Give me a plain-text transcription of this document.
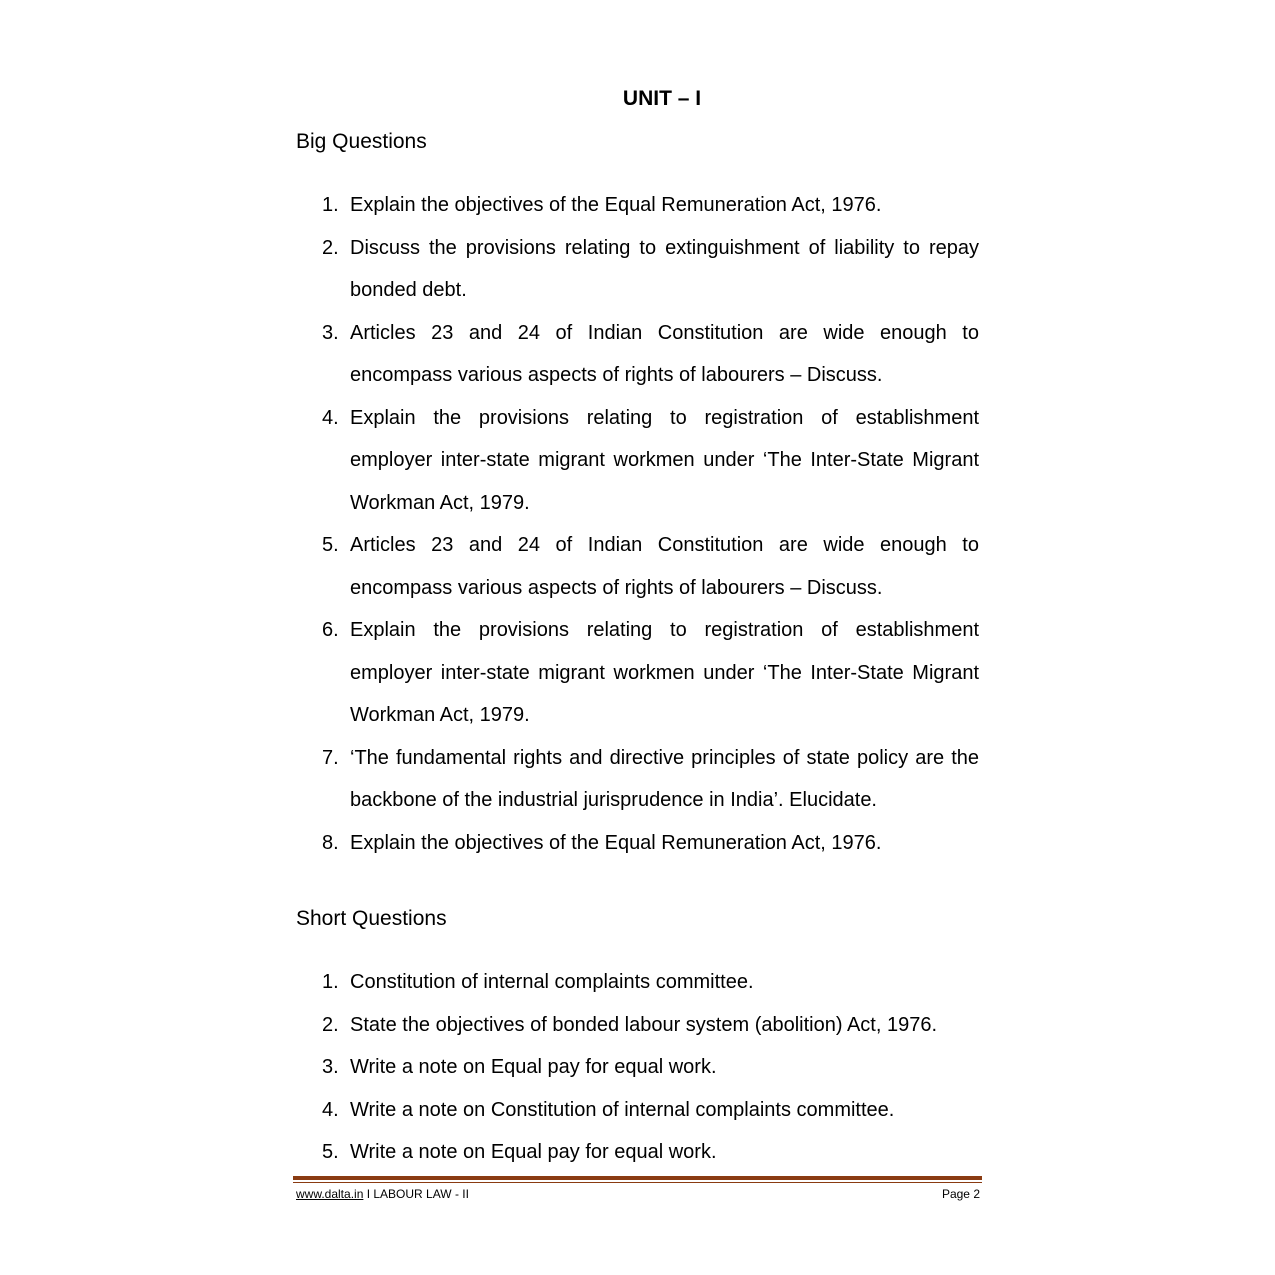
UNIT – I
Big Questions
1. Explain the objectives of the Equal Remuneration Act, 1976.
2. Discuss the provisions relating to extinguishment of liability to repay bonded debt.
3. Articles 23 and 24 of Indian Constitution are wide enough to encompass various aspects of rights of labourers – Discuss.
4. Explain the provisions relating to registration of establishment employer inter-state migrant workmen under ‘The Inter-State Migrant Workman Act, 1979.
5. Articles 23 and 24 of Indian Constitution are wide enough to encompass various aspects of rights of labourers – Discuss.
6. Explain the provisions relating to registration of establishment employer inter-state migrant workmen under ‘The Inter-State Migrant Workman Act, 1979.
7. ‘The fundamental rights and directive principles of state policy are the backbone of the industrial jurisprudence in India’. Elucidate.
8. Explain the objectives of the Equal Remuneration Act, 1976.
Short Questions
1. Constitution of internal complaints committee.
2. State the objectives of bonded labour system (abolition) Act, 1976.
3. Write a note on Equal pay for equal work.
4. Write a note on Constitution of internal complaints committee.
5. Write a note on Equal pay for equal work.
www.dalta.in I LABOUR LAW - II	Page 2
